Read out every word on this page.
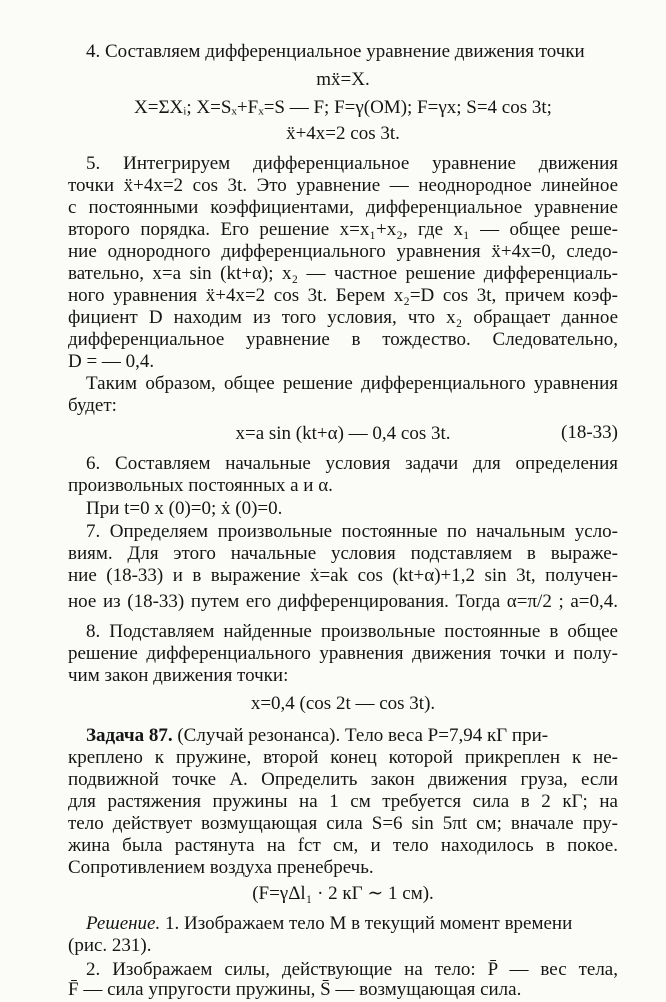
4. Составляем дифференциальное уравнение движения точки

mẍ=X.

X=ΣXᵢ; X=Sₓ+Fₓ=S — F; F=γ(OM); F=γx; S=4 cos 3t;

ẍ+4x=2 cos 3t.

5. Интегрируем дифференциальное уравнение движения

точки ẍ+4x=2 cos 3t. Это уравнение — неоднородное линейное

с постоянными коэффициентами, дифференциальное уравнение

второго порядка. Его решение x=x₁+x₂, где x₁ — общее реше-

ние однородного дифференциального уравнения ẍ+4x=0, следо-

вательно, x=a sin (kt+α); x₂ — частное решение дифференциаль-

ного уравнения ẍ+4x=2 cos 3t. Берем x₂=D cos 3t, причем коэф-

фициент D находим из того условия, что x₂ обращает данное

дифференциальное уравнение в тождество. Следовательно,

D = — 0,4.

Таким образом, общее решение дифференциального уравнения

будет:

x=a sin (kt+α) — 0,4 cos 3t.	(18-33)

6. Составляем начальные условия задачи для определения

произвольных постоянных a и α.

При t=0 x (0)=0; ẋ (0)=0.

7. Определяем произвольные постоянные по начальным усло-

виям. Для этого начальные условия подставляем в выраже-

ние (18-33) и в выражение ẋ=ak cos (kt+α)+1,2 sin 3t, получен-

ное из (18-33) путем его дифференцирования. Тогда α=π/2 ; a=0,4.

8. Подставляем найденные произвольные постоянные в общее

решение дифференциального уравнения движения точки и полу-

чим закон движения точки:

x=0,4 (cos 2t — cos 3t).

Задача 87. (Случай резонанса). Тело веса P=7,94 кГ при-

креплено к пружине, второй конец которой прикреплен к не-

подвижной точке A. Определить закон движения груза, если

для растяжения пружины на 1 см требуется сила в 2 кГ; на

тело действует возмущающая сила S=6 sin 5πt см; вначале пру-

жина была растянута на fст см, и тело находилось в покое.

Сопротивлением воздуха пренебречь.

(F=γΔl₁ · 2 кГ ∼ 1 см).

Решение. 1. Изображаем тело M в текущий момент времени

(рис. 231).

2. Изображаем силы, действующие на тело: P̄ — вес тела,

F̄ — сила упругости пружины, S̄ — возмущающая сила.
